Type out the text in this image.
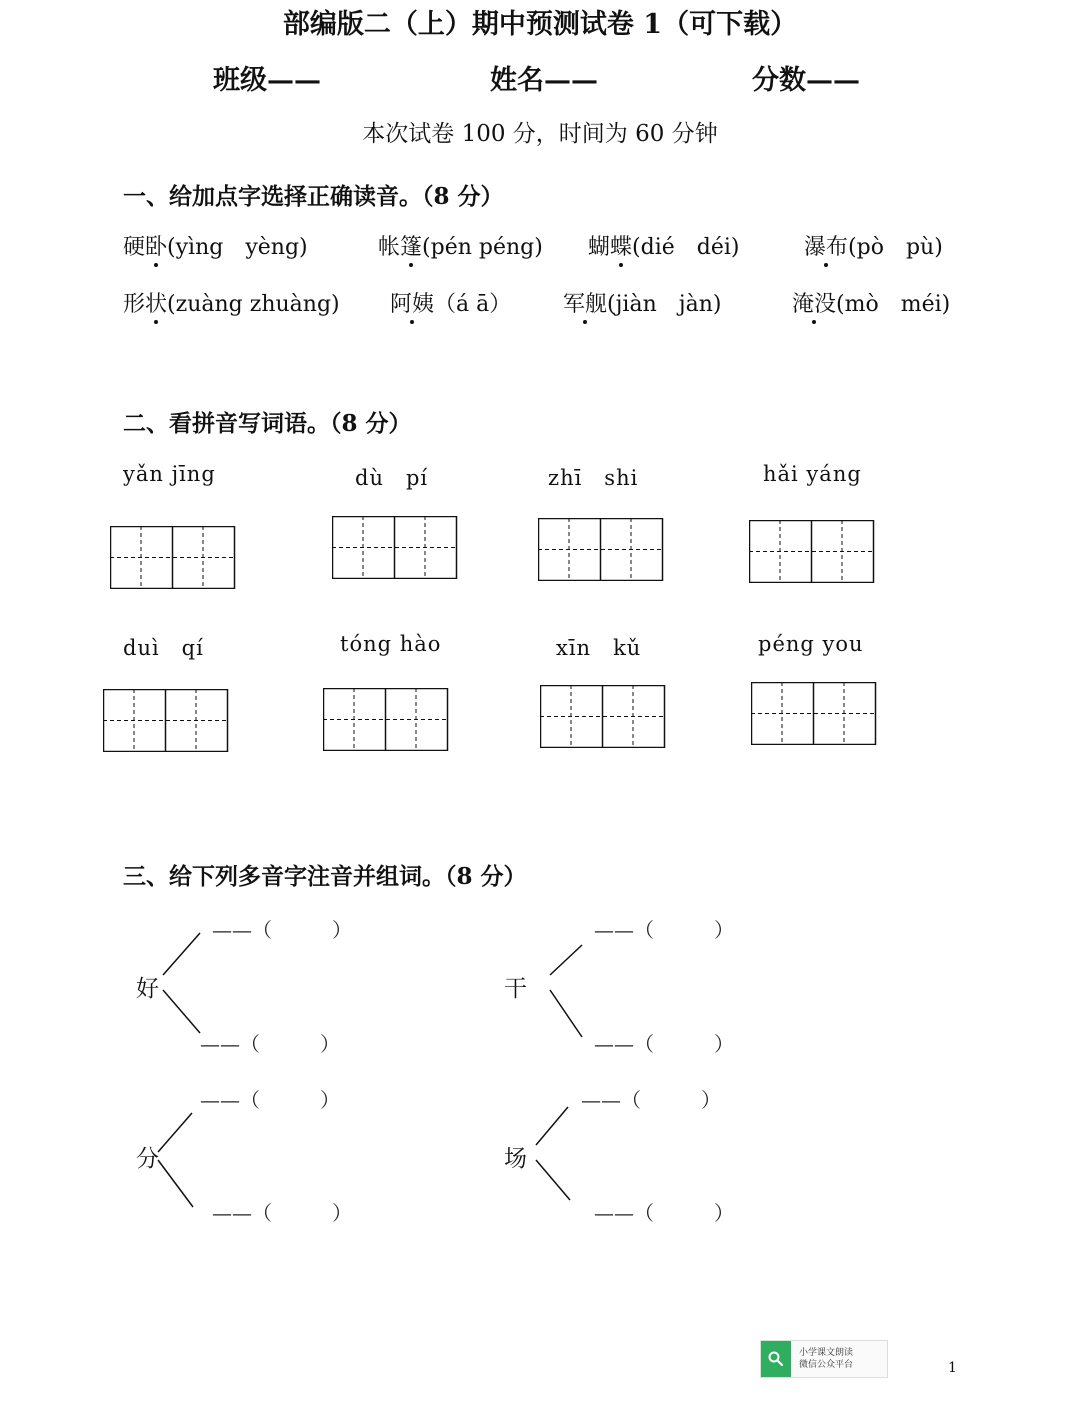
部编版二（上）期中预测试卷 1（可下载）
班级——	姓名——	分数——
本次试卷 100 分，时间为 60 分钟
一、给加点字选择正确读音。（8 分）
硬卧(yìng　yèng)	帐篷(pén péng) 蝴蝶(dié　déi)	瀑布(pò　pù)
形状(zuàng zhuàng) 阿姨（á ā） 军舰(jiàn　jàn)	淹没(mò　méi)
二、看拼音写词语。（8 分）
yǎn jīng	dù　pí	zhī　shi	hǎi yáng
duì　qí	tóng hào	xīn　kǔ	péng you
三、给下列多音字注音并组词。（8 分）
好	干
分	场
——（　　　）
——（　　　）
——（　　　）
——（　　　）
——（　　　）
——（　　　）
——（　　　）
——（　　　）
小学课文朗读
微信公众平台	1
